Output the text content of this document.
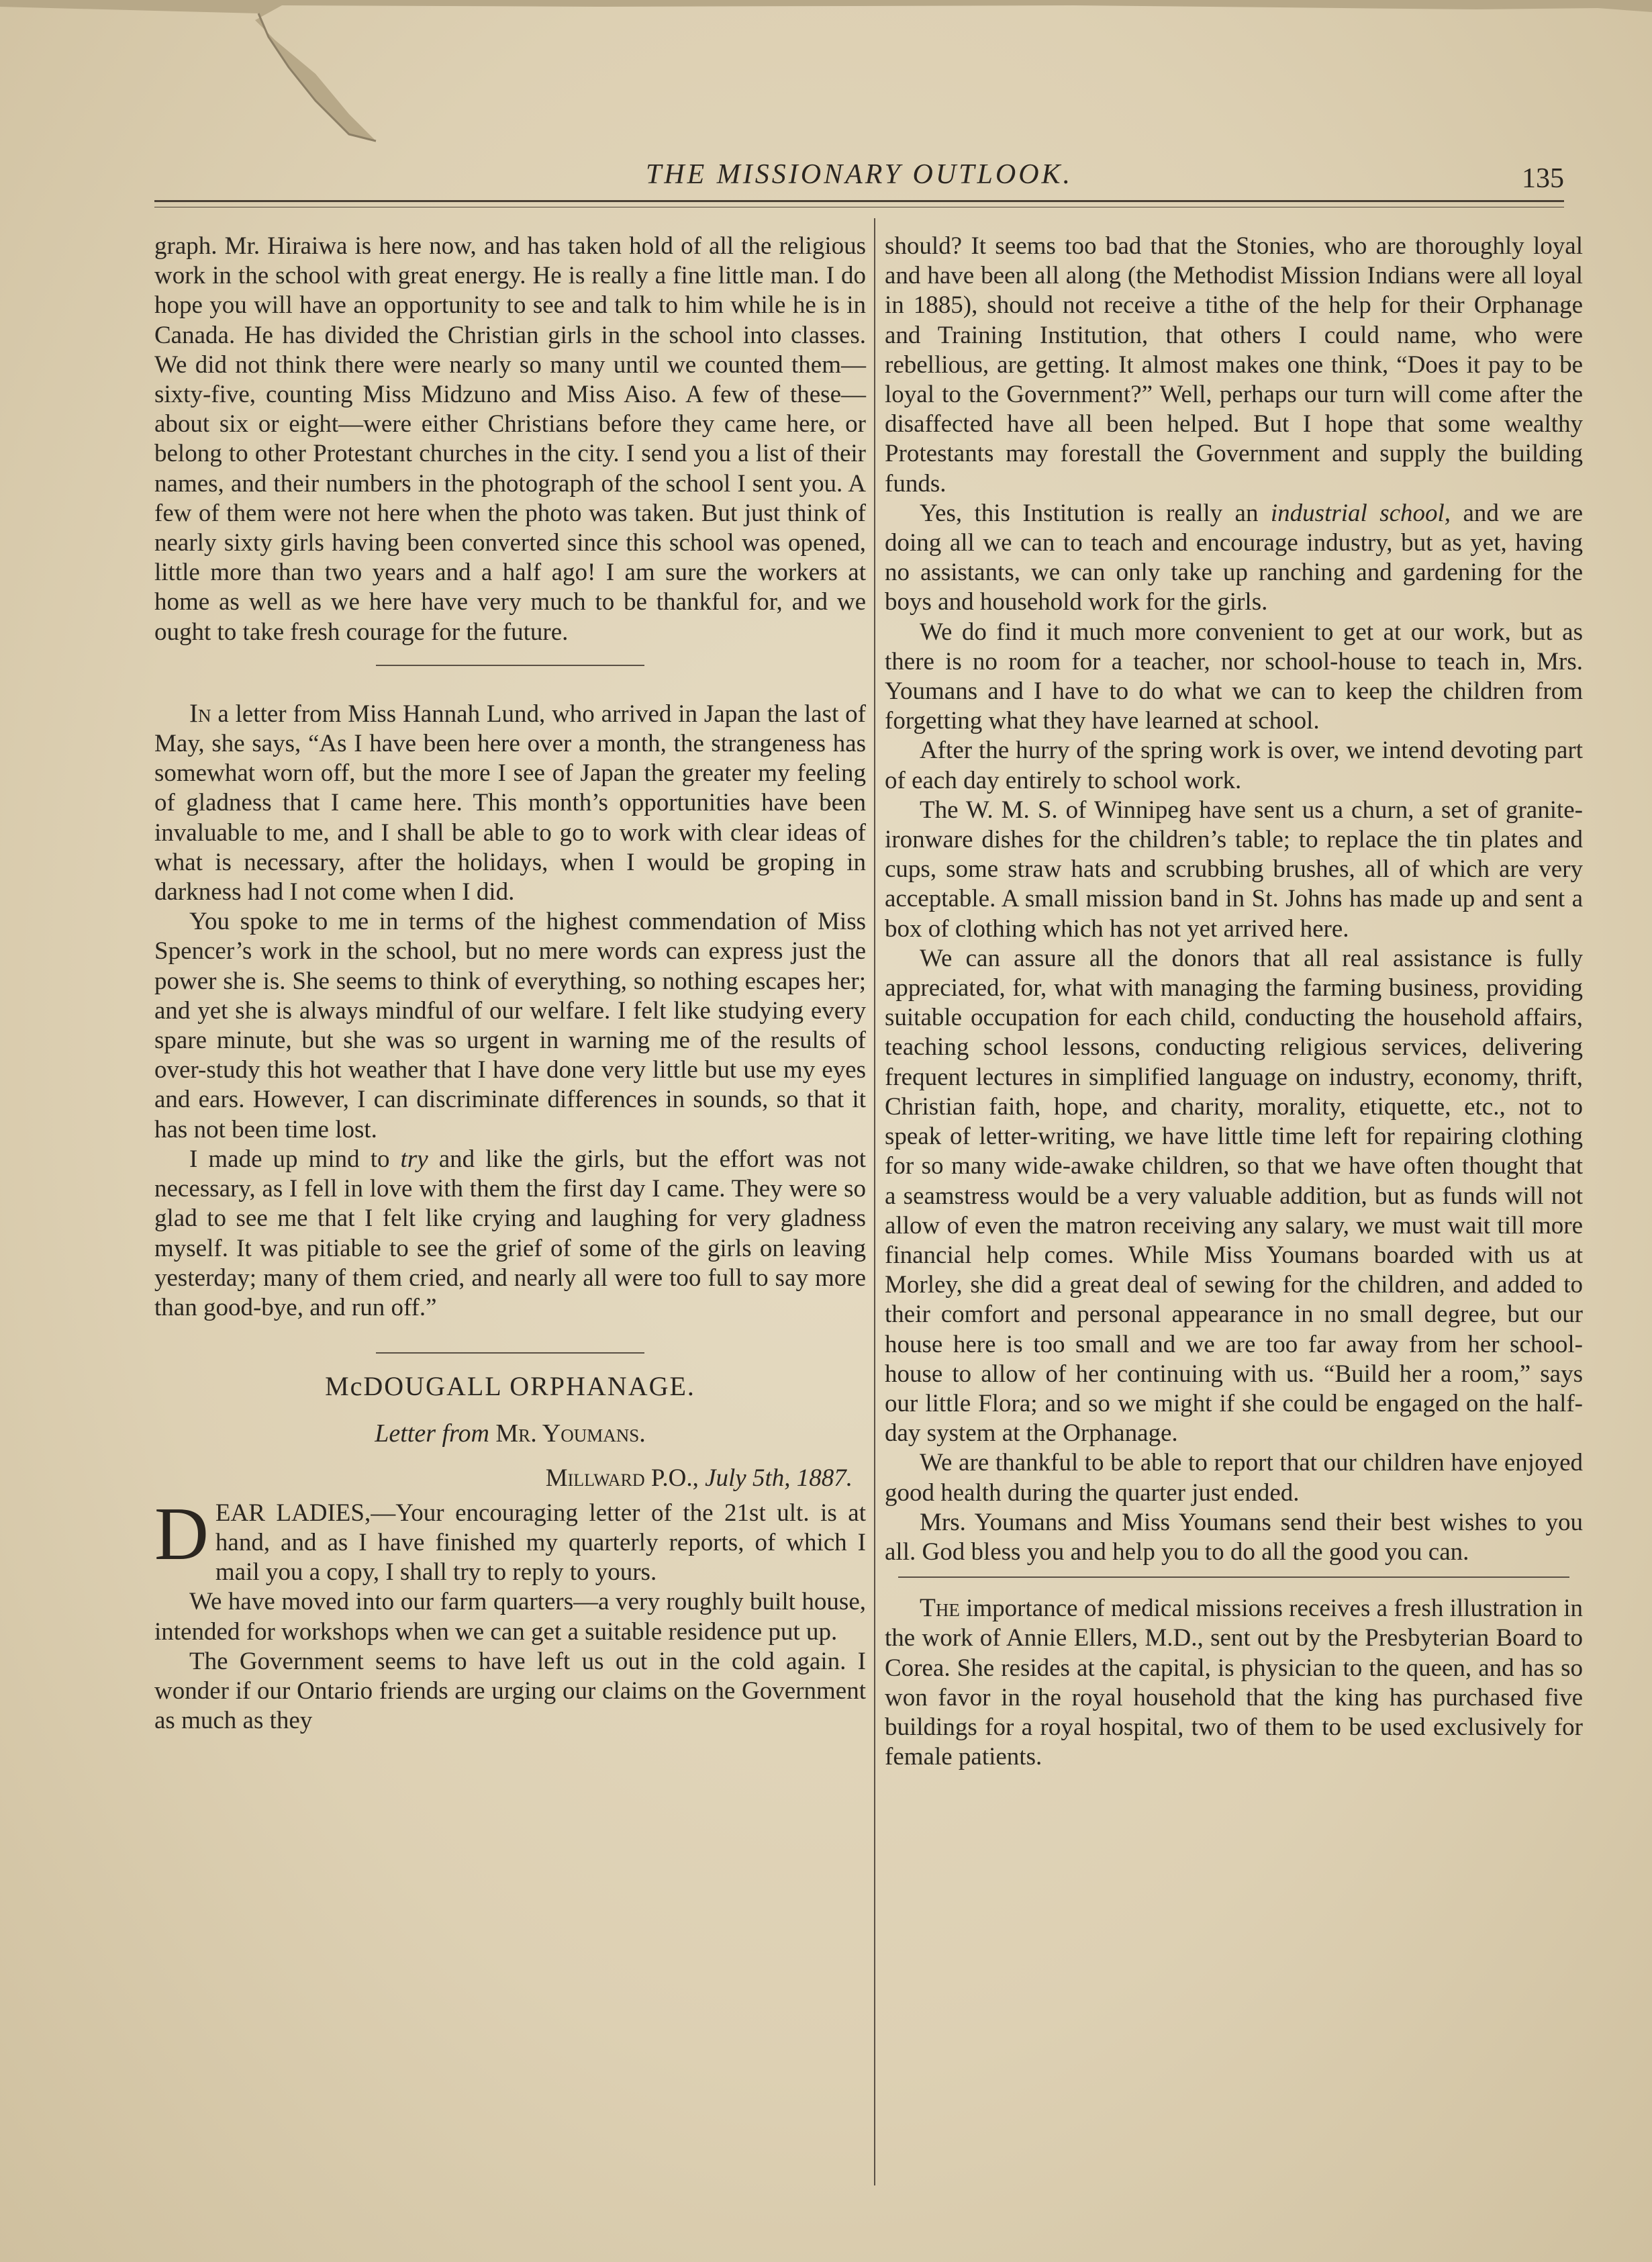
THE MISSIONARY OUTLOOK.	135

graph. Mr. Hiraiwa is here now, and has taken hold of all the religious work in the school with great energy. He is really a fine little man. I do hope you will have an opportunity to see and talk to him while he is in Canada. He has divided the Christian girls in the school into classes. We did not think there were nearly so many until we counted them—sixty-five, counting Miss Midzuno and Miss Aiso. A few of these—about six or eight—were either Christians before they came here, or belong to other Protestant churches in the city. I send you a list of their names, and their numbers in the photograph of the school I sent you. A few of them were not here when the photo was taken. But just think of nearly sixty girls having been converted since this school was opened, little more than two years and a half ago! I am sure the workers at home as well as we here have very much to be thankful for, and we ought to take fresh courage for the future.

In a letter from Miss Hannah Lund, who arrived in Japan the last of May, she says, “As I have been here over a month, the strangeness has somewhat worn off, but the more I see of Japan the greater my feeling of gladness that I came here. This month’s opportunities have been invaluable to me, and I shall be able to go to work with clear ideas of what is necessary, after the holidays, when I would be groping in darkness had I not come when I did.

You spoke to me in terms of the highest commendation of Miss Spencer’s work in the school, but no mere words can express just the power she is. She seems to think of everything, so nothing escapes her; and yet she is always mindful of our welfare. I felt like studying every spare minute, but she was so urgent in warning me of the results of over-study this hot weather that I have done very little but use my eyes and ears. However, I can discriminate differences in sounds, so that it has not been time lost.

I made up mind to try and like the girls, but the effort was not necessary, as I fell in love with them the first day I came. They were so glad to see me that I felt like crying and laughing for very gladness myself. It was pitiable to see the grief of some of the girls on leaving yesterday; many of them cried, and nearly all were too full to say more than good-bye, and run off.”

McDOUGALL ORPHANAGE.
Letter from Mr. Youmans.
Millward P.O., July 5th, 1887.

DEAR LADIES,—Your encouraging letter of the 21st ult. is at hand, and as I have finished my quarterly reports, of which I mail you a copy, I shall try to reply to yours.

We have moved into our farm quarters—a very roughly built house, intended for workshops when we can get a suitable residence put up.

The Government seems to have left us out in the cold again. I wonder if our Ontario friends are urging our claims on the Government as much as they

should? It seems too bad that the Stonies, who are thoroughly loyal and have been all along (the Methodist Mission Indians were all loyal in 1885), should not receive a tithe of the help for their Orphanage and Training Institution, that others I could name, who were rebellious, are getting. It almost makes one think, “Does it pay to be loyal to the Government?” Well, perhaps our turn will come after the disaffected have all been helped. But I hope that some wealthy Protestants may forestall the Government and supply the building funds.

Yes, this Institution is really an industrial school, and we are doing all we can to teach and encourage industry, but as yet, having no assistants, we can only take up ranching and gardening for the boys and household work for the girls.

We do find it much more convenient to get at our work, but as there is no room for a teacher, nor school-house to teach in, Mrs. Youmans and I have to do what we can to keep the children from forgetting what they have learned at school.

After the hurry of the spring work is over, we intend devoting part of each day entirely to school work.

The W. M. S. of Winnipeg have sent us a churn, a set of granite-ironware dishes for the children’s table; to replace the tin plates and cups, some straw hats and scrubbing brushes, all of which are very acceptable. A small mission band in St. Johns has made up and sent a box of clothing which has not yet arrived here.

We can assure all the donors that all real assistance is fully appreciated, for, what with managing the farming business, providing suitable occupation for each child, conducting the household affairs, teaching school lessons, conducting religious services, delivering frequent lectures in simplified language on industry, economy, thrift, Christian faith, hope, and charity, morality, etiquette, etc., not to speak of letter-writing, we have little time left for repairing clothing for so many wide-awake children, so that we have often thought that a seamstress would be a very valuable addition, but as funds will not allow of even the matron receiving any salary, we must wait till more financial help comes. While Miss Youmans boarded with us at Morley, she did a great deal of sewing for the children, and added to their comfort and personal appearance in no small degree, but our house here is too small and we are too far away from her school-house to allow of her continuing with us. “Build her a room,” says our little Flora; and so we might if she could be engaged on the half-day system at the Orphanage.

We are thankful to be able to report that our children have enjoyed good health during the quarter just ended.

Mrs. Youmans and Miss Youmans send their best wishes to you all. God bless you and help you to do all the good you can.

The importance of medical missions receives a fresh illustration in the work of Annie Ellers, M.D., sent out by the Presbyterian Board to Corea. She resides at the capital, is physician to the queen, and has so won favor in the royal household that the king has purchased five buildings for a royal hospital, two of them to be used exclusively for female patients.
